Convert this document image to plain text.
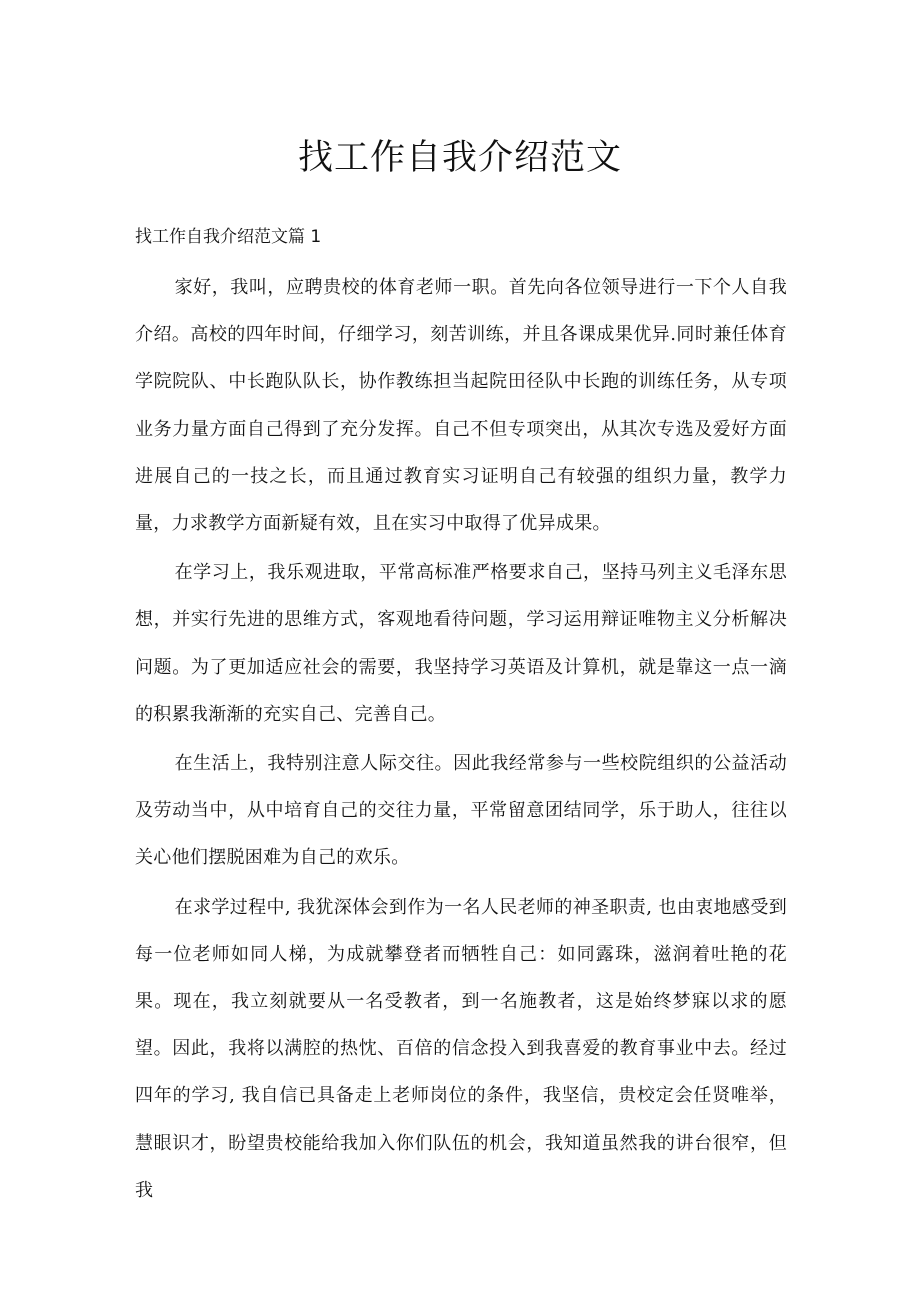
找工作自我介绍范文
找工作自我介绍范文篇 1

家好，我叫，应聘贵校的体育老师一职。首先向各位领导进行一下个人自我介绍。高校的四年时间，仔细学习，刻苦训练，并且各课成果优异.同时兼任体育学院院队、中长跑队队长，协作教练担当起院田径队中长跑的训练任务，从专项业务力量方面自己得到了充分发挥。自己不但专项突出，从其次专选及爱好方面进展自己的一技之长，而且通过教育实习证明自己有较强的组织力量，教学力量，力求教学方面新疑有效，且在实习中取得了优异成果。

在学习上，我乐观进取，平常高标准严格要求自己，坚持马列主义毛泽东思想，并实行先进的思维方式，客观地看待问题，学习运用辩证唯物主义分析解决问题。为了更加适应社会的需要，我坚持学习英语及计算机，就是靠这一点一滴的积累我渐渐的充实自己、完善自己。

在生活上，我特别注意人际交往。因此我经常参与一些校院组织的公益活动及劳动当中，从中培育自己的交往力量，平常留意团结同学，乐于助人，往往以关心他们摆脱困难为自己的欢乐。

在求学过程中, 我犹深体会到作为一名人民老师的神圣职责, 也由衷地感受到每一位老师如同人梯，为成就攀登者而牺牲自己：如同露珠，滋润着吐艳的花果。现在，我立刻就要从一名受教者，到一名施教者，这是始终梦寐以求的愿望。因此，我将以满腔的热忱、百倍的信念投入到我喜爱的教育事业中去。经过四年的学习, 我自信已具备走上老师岗位的条件，我坚信，贵校定会任贤唯举，慧眼识才，盼望贵校能给我加入你们队伍的机会，我知道虽然我的讲台很窄，但我
